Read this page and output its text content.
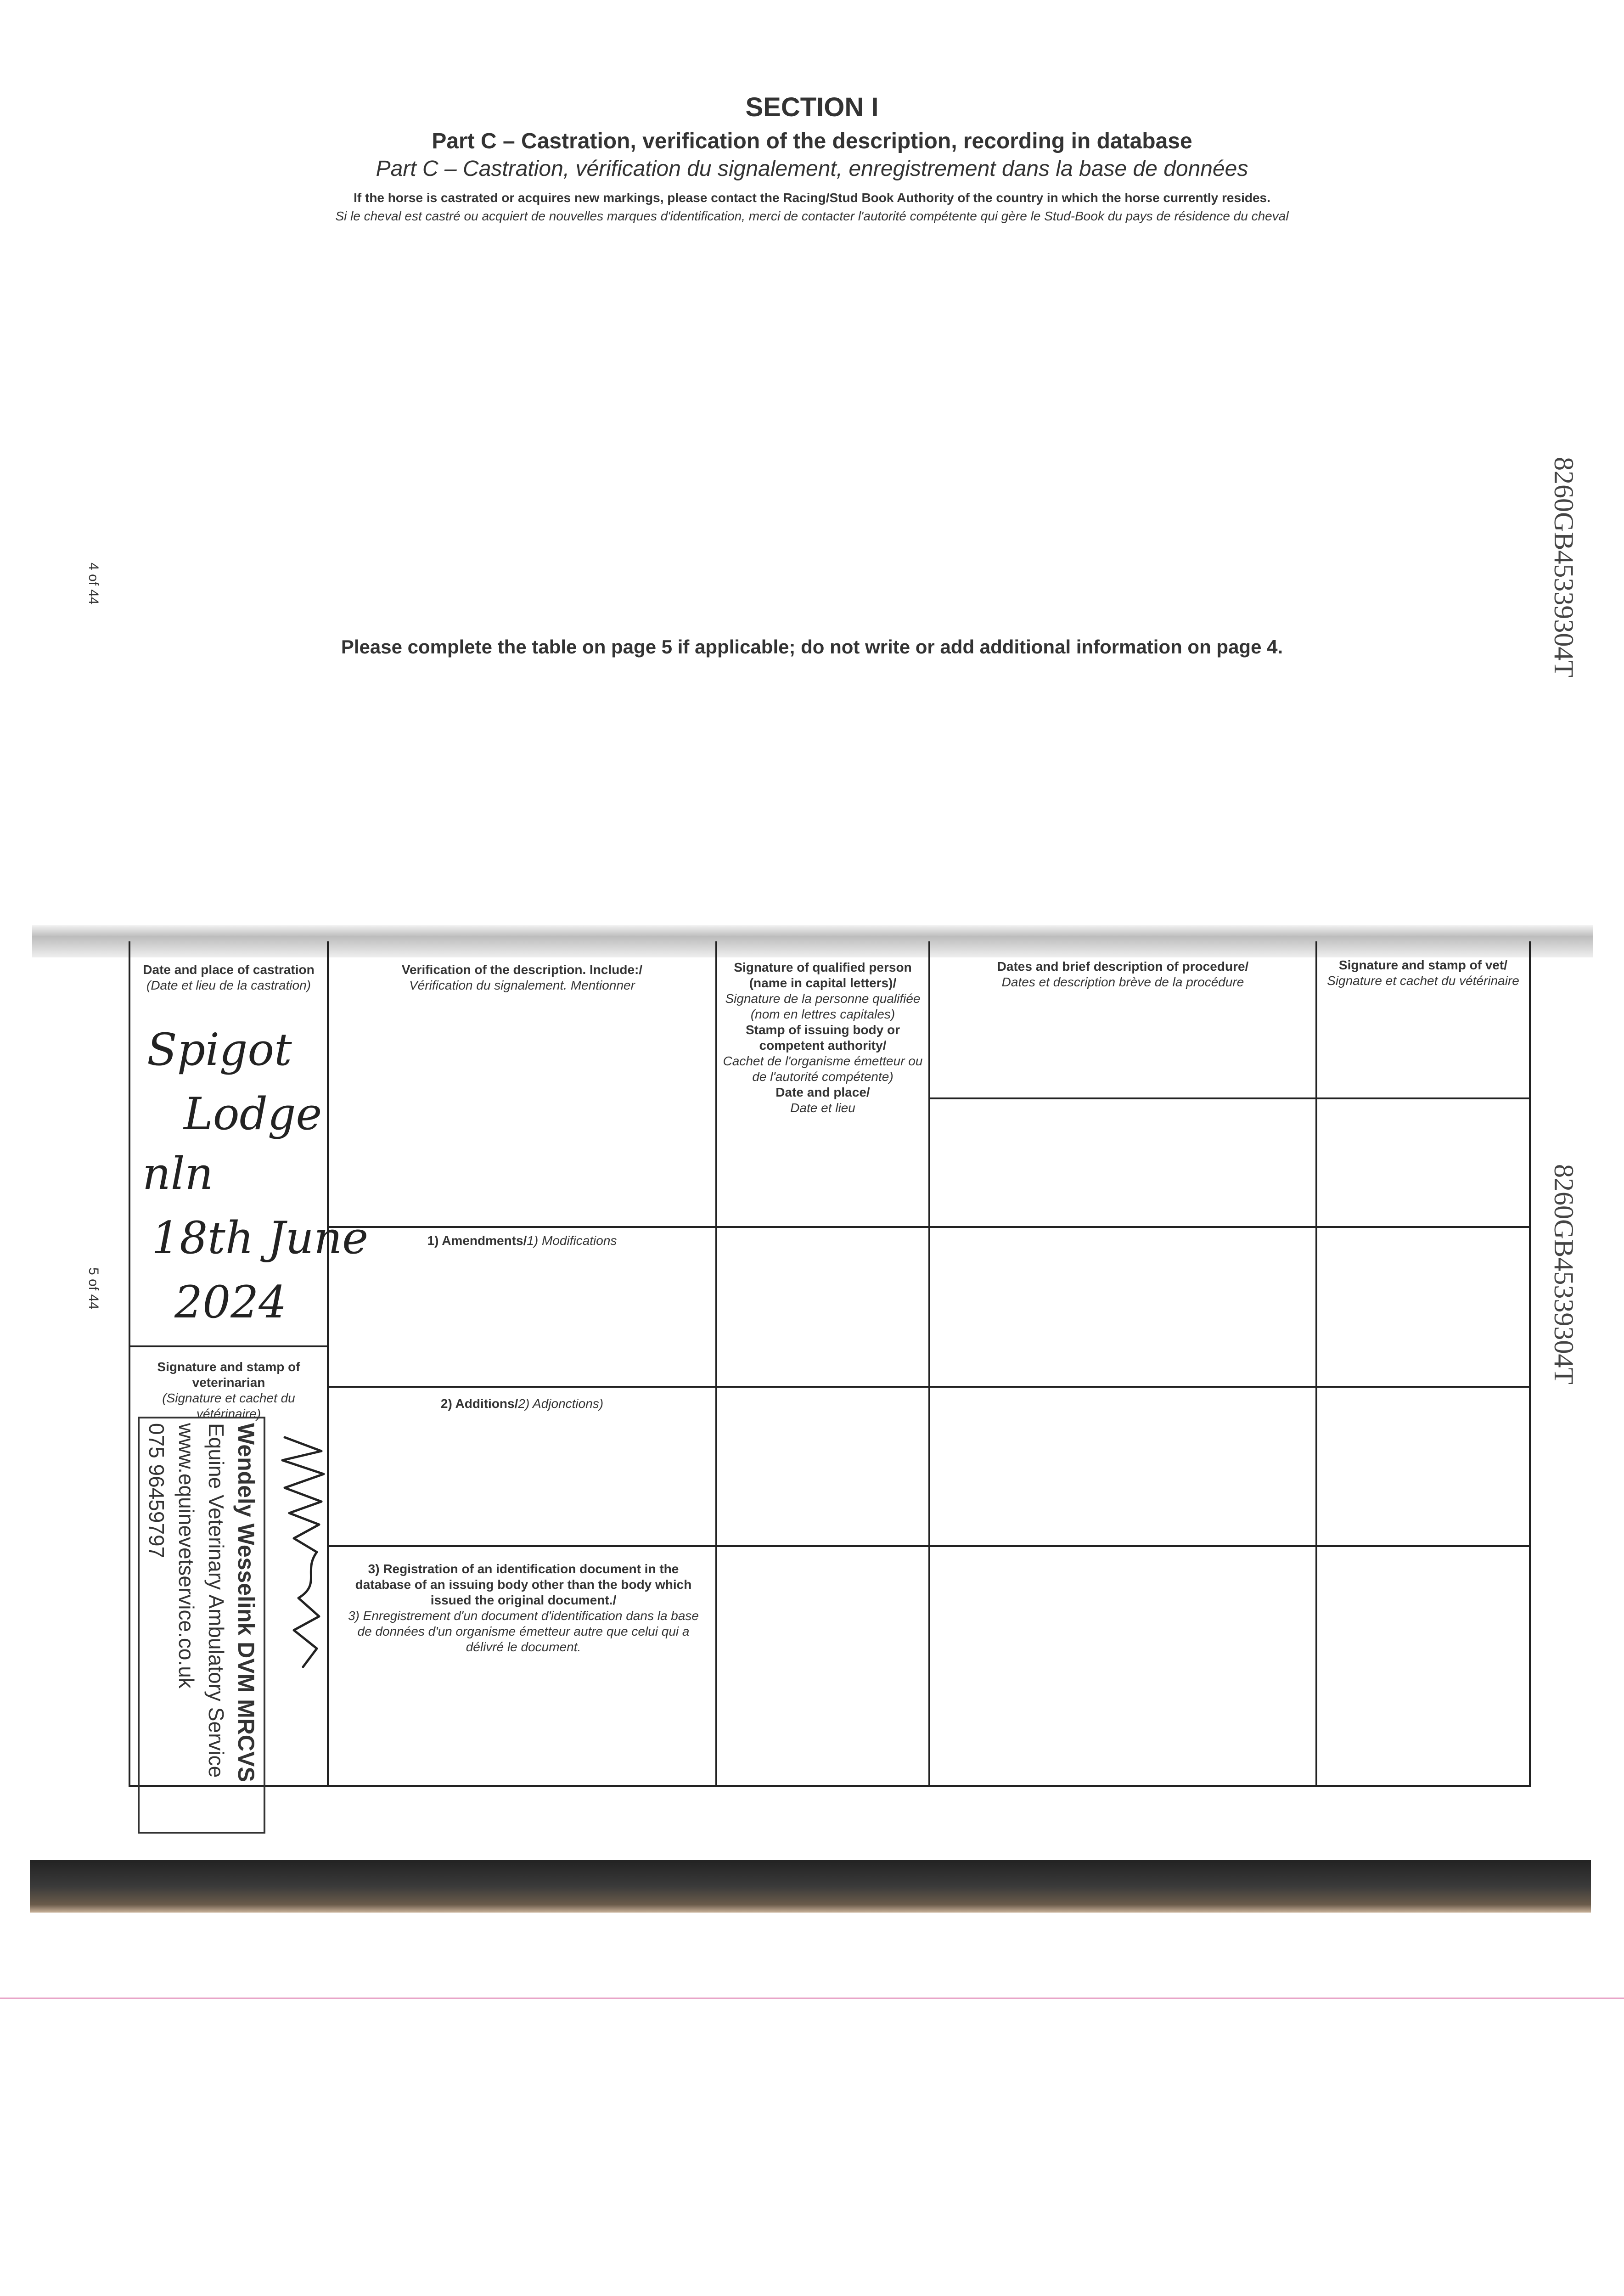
SECTION I
Part C – Castration, verification of the description, recording in database
Part C – Castration, vérification du signalement, enregistrement dans la base de données
If the horse is castrated or acquires new markings, please contact the Racing/Stud Book Authority of the country in which the horse currently resides.
Si le cheval est castré ou acquiert de nouvelles marques d'identification, merci de contacter l'autorité compétente qui gère le Stud-Book du pays de résidence du cheval
Please complete the table on page 5 if applicable; do not write or add additional information on page 4.
4 of 44
5 of 44
8260GB45339304T
8260GB45339304T
Date and place of castration
(Date et lieu de la castration)
Signature and stamp of veterinarian
(Signature et cachet du vétérinaire)
Verification of the description. Include:/
Vérification du signalement. Mentionner
Signature of qualified person (name in capital letters)/
Signature de la personne qualifiée (nom en lettres capitales)
Stamp of issuing body or competent authority/
Cachet de l'organisme émetteur ou de l'autorité compétente)
Date and place/
Date et lieu
Dates and brief description of procedure/
Dates et description brève de la procédure
Signature and stamp of vet/
Signature et cachet du vétérinaire
1) Amendments/1) Modifications
2) Additions/2) Adjonctions)
3) Registration of an identification document in the database of an issuing body other than the body which issued the original document./
3) Enregistrement d'un document d'identification dans la base de données d'un organisme émetteur autre que celui qui a délivré le document.
Spigot
Lodge
nln
18th June
2024
Wendely Wesselink DVM MRCVS
Equine Veterinary Ambulatory Service
www.equinevetservice.co.uk
075 96459797
